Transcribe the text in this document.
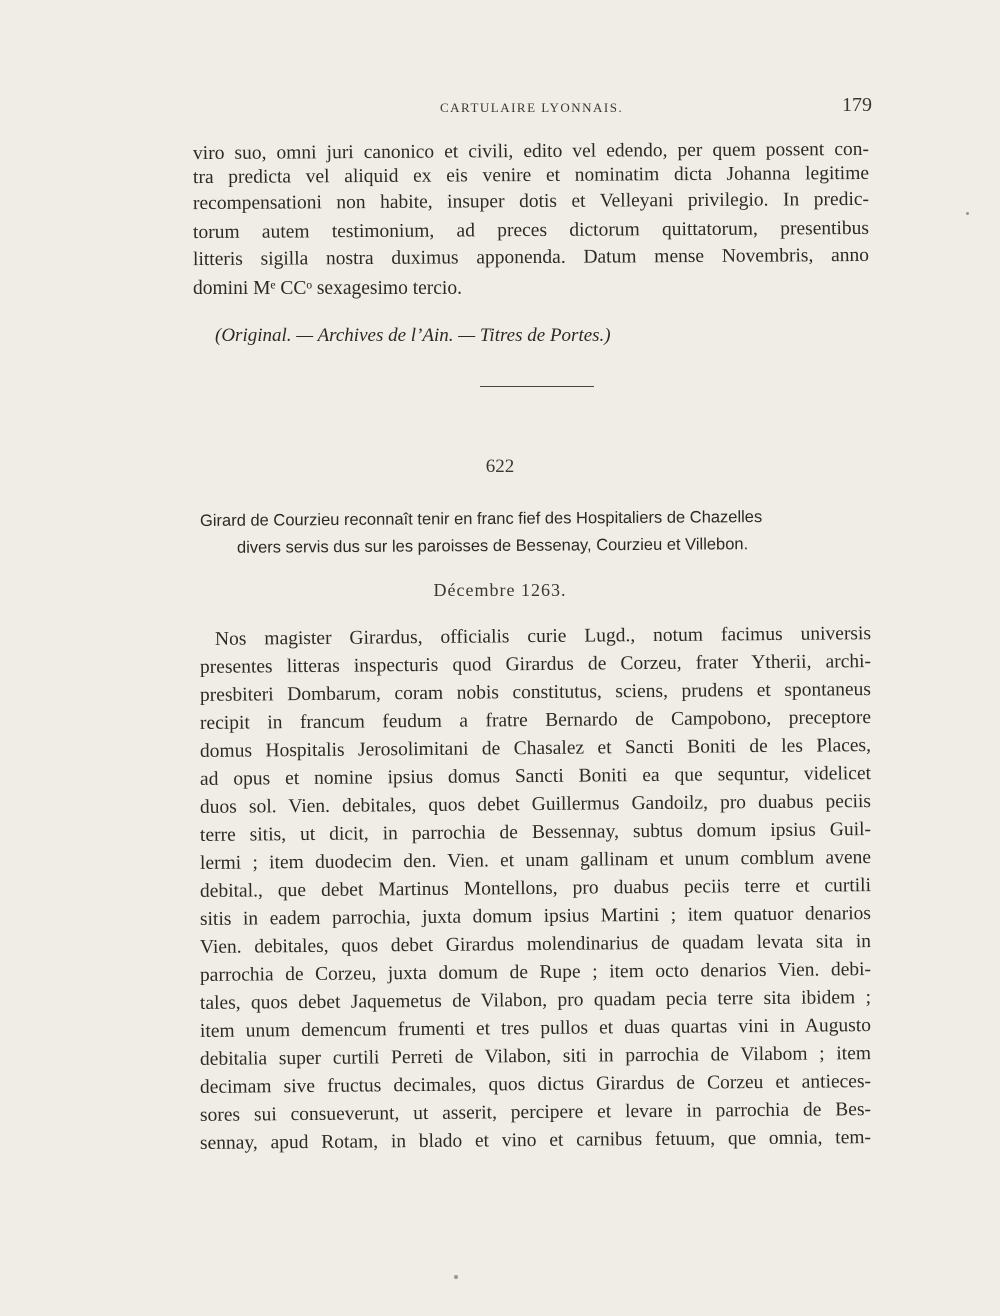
CARTULAIRE LYONNAIS.	179
viro suo, omni juri canonico et civili, edito vel edendo, per quem possent con-
tra predicta vel aliquid ex eis venire et nominatim dicta Johanna legitime
recompensationi non habite, insuper dotis et Velleyani privilegio. In predic-
torum autem testimonium, ad preces dictorum quittatorum, presentibus
litteris sigilla nostra duximus apponenda. Datum mense Novembris, anno
domini Mᵉ CCᵒ sexagesimo tercio.
(Original. — Archives de l’Ain. — Titres de Portes.)
622
Girard de Courzieu reconnaît tenir en franc fief des Hospitaliers de Chazelles
divers servis dus sur les paroisses de Bessenay, Courzieu et Villebon.
Décembre 1263.
Nos magister Girardus, officialis curie Lugd., notum facimus universis
presentes litteras inspecturis quod Girardus de Corzeu, frater Ytherii, archi-
presbiteri Dombarum, coram nobis constitutus, sciens, prudens et spontaneus
recipit in francum feudum a fratre Bernardo de Campobono, preceptore
domus Hospitalis Jerosolimitani de Chasalez et Sancti Boniti de les Places,
ad opus et nomine ipsius domus Sancti Boniti ea que sequntur, videlicet
duos sol. Vien. debitales, quos debet Guillermus Gandoilz, pro duabus peciis
terre sitis, ut dicit, in parrochia de Bessennay, subtus domum ipsius Guil-
lermi ; item duodecim den. Vien. et unam gallinam et unum comblum avene
debital., que debet Martinus Montellons, pro duabus peciis terre et curtili
sitis in eadem parrochia, juxta domum ipsius Martini ; item quatuor denarios
Vien. debitales, quos debet Girardus molendinarius de quadam levata sita in
parrochia de Corzeu, juxta domum de Rupe ; item octo denarios Vien. debi-
tales, quos debet Jaquemetus de Vilabon, pro quadam pecia terre sita ibidem ;
item unum demencum frumenti et tres pullos et duas quartas vini in Augusto
debitalia super curtili Perreti de Vilabon, siti in parrochia de Vilabom ; item
decimam sive fructus decimales, quos dictus Girardus de Corzeu et antieces-
sores sui consueverunt, ut asserit, percipere et levare in parrochia de Bes-
sennay, apud Rotam, in blado et vino et carnibus fetuum, que omnia, tem-
